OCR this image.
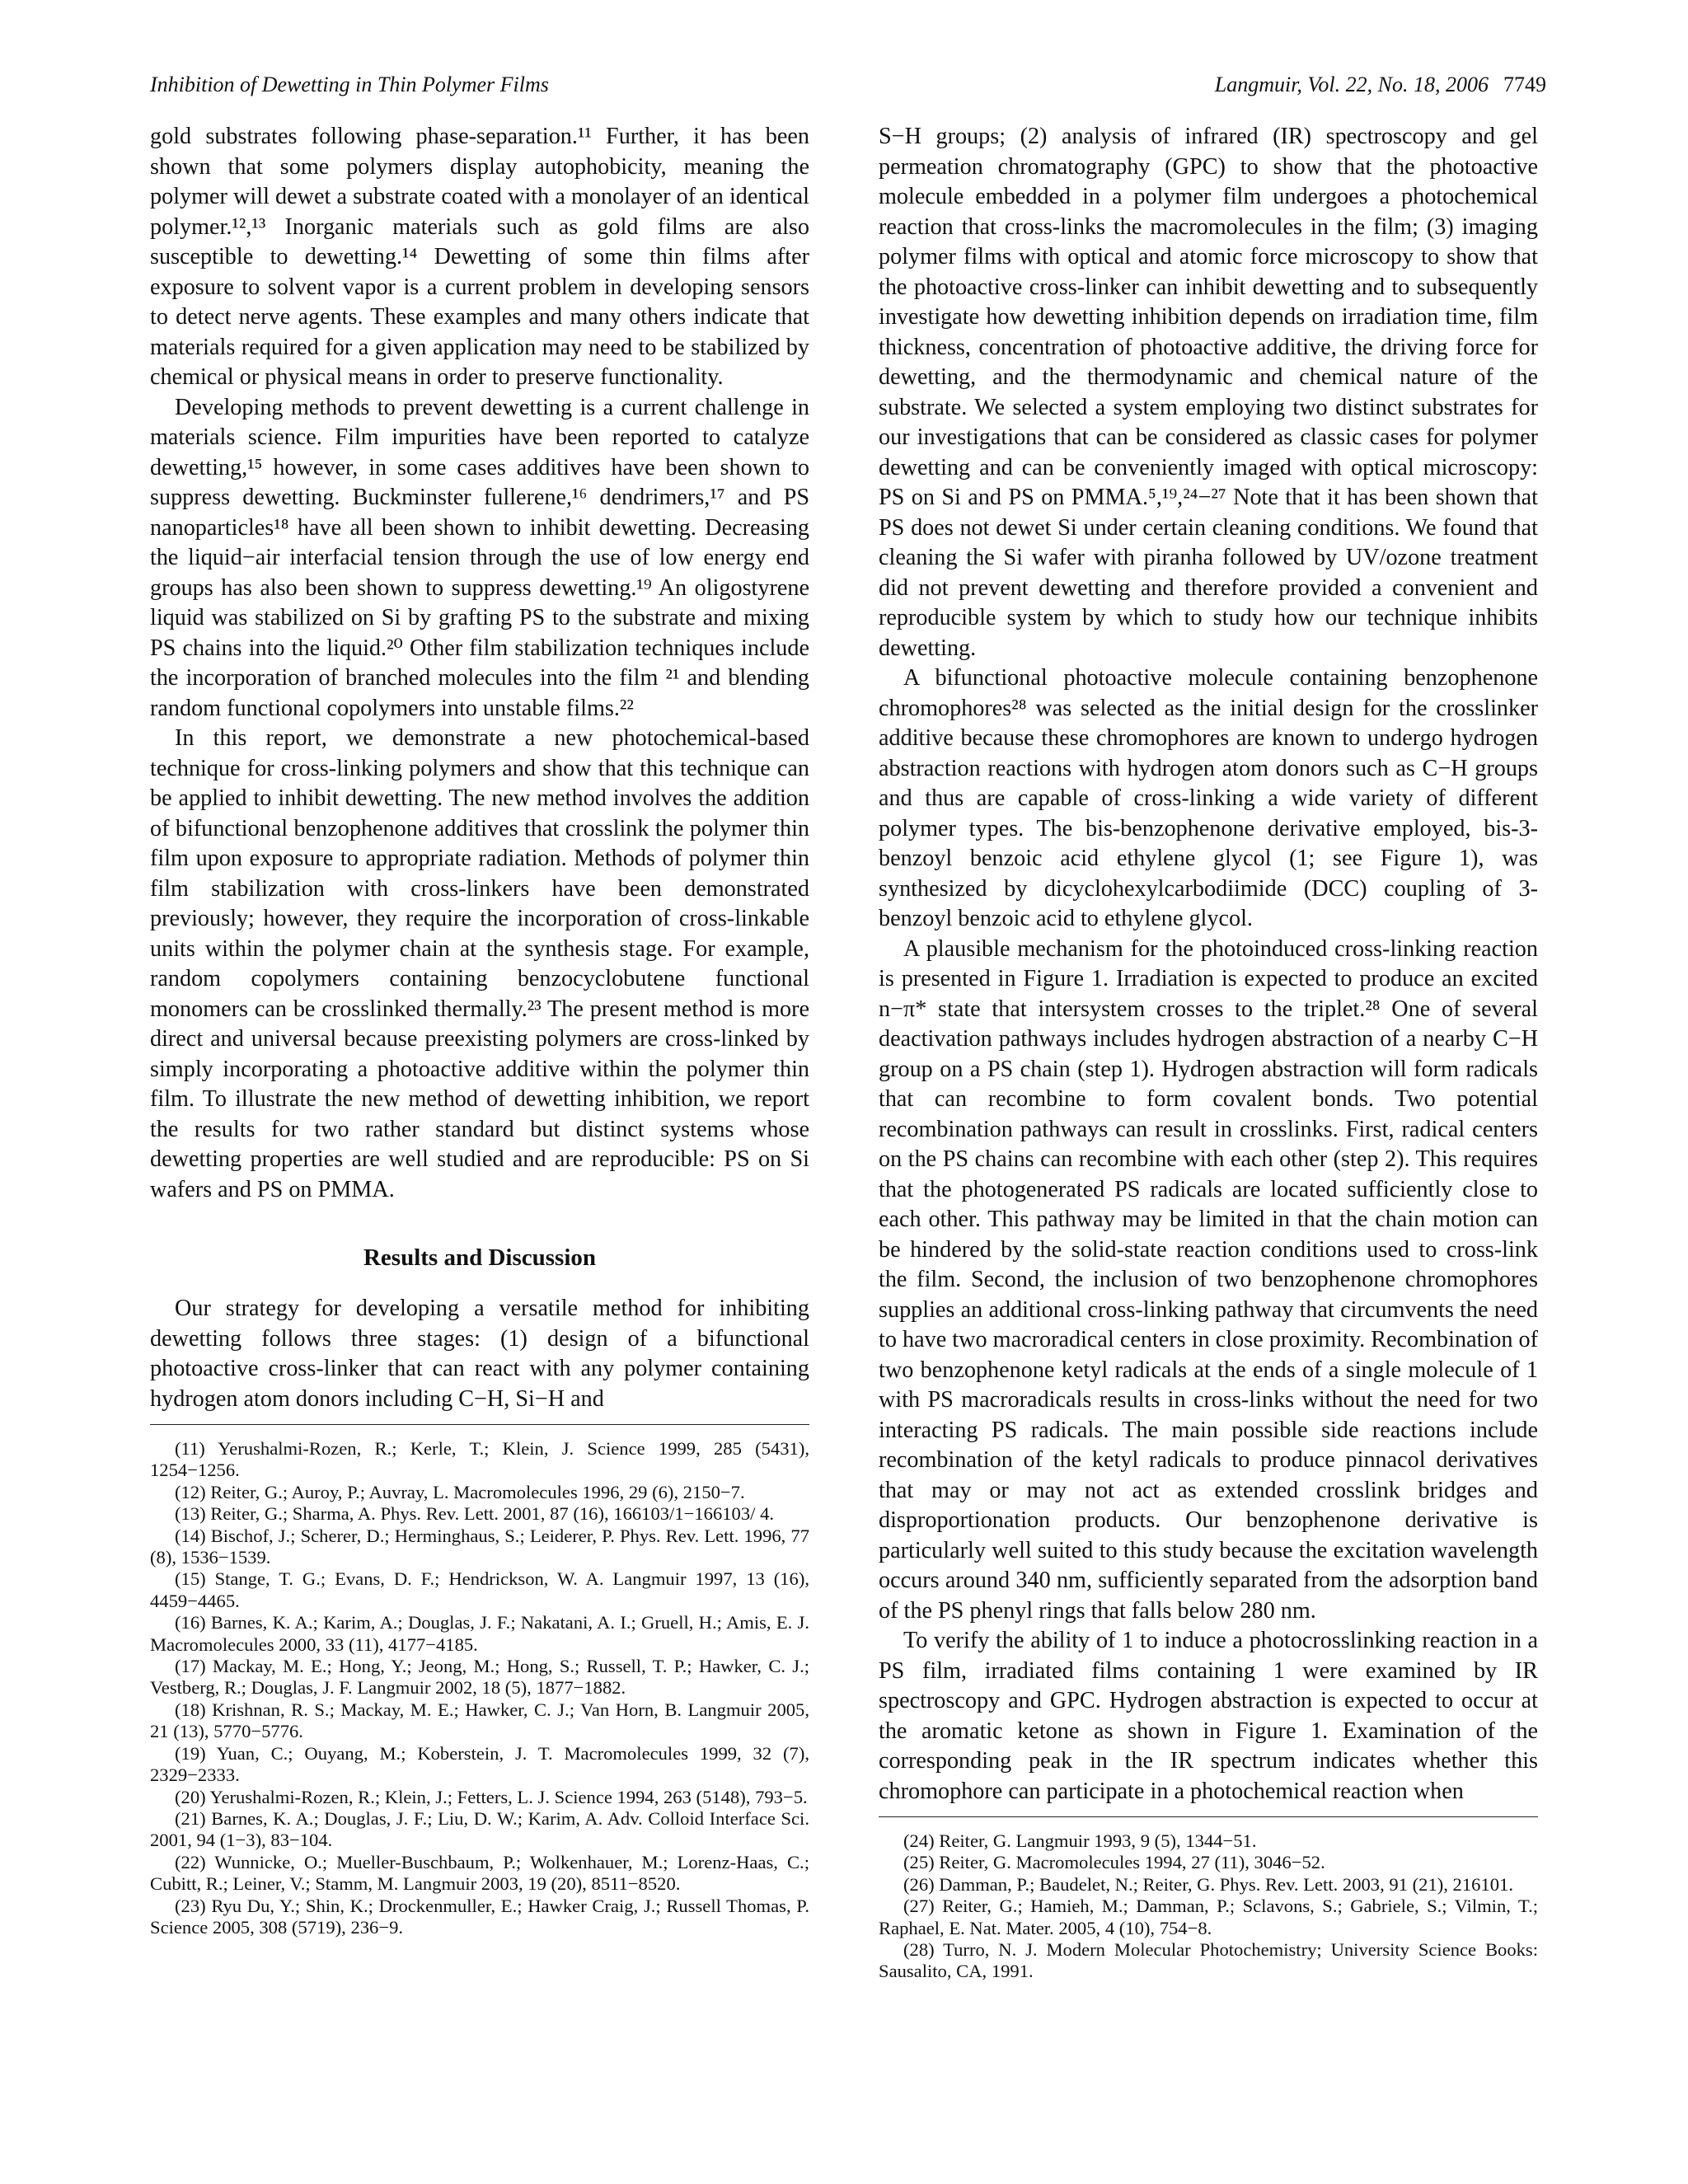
Inhibition of Dewetting in Thin Polymer Films	Langmuir, Vol. 22, No. 18, 2006 7749

gold substrates following phase-separation.¹¹ Further, it has been shown that some polymers display autophobicity, meaning the polymer will dewet a substrate coated with a monolayer of an identical polymer.¹²,¹³ Inorganic materials such as gold films are also susceptible to dewetting.¹⁴ Dewetting of some thin films after exposure to solvent vapor is a current problem in developing sensors to detect nerve agents. These examples and many others indicate that materials required for a given application may need to be stabilized by chemical or physical means in order to preserve functionality.

Developing methods to prevent dewetting is a current challenge in materials science. Film impurities have been reported to catalyze dewetting,¹⁵ however, in some cases additives have been shown to suppress dewetting. Buckminster fullerene,¹⁶ dendrimers,¹⁷ and PS nanoparticles¹⁸ have all been shown to inhibit dewetting. Decreasing the liquid−air interfacial tension through the use of low energy end groups has also been shown to suppress dewetting.¹⁹ An oligostyrene liquid was stabilized on Si by grafting PS to the substrate and mixing PS chains into the liquid.²⁰ Other film stabilization techniques include the incorporation of branched molecules into the film ²¹ and blending random functional copolymers into unstable films.²²

In this report, we demonstrate a new photochemical-based technique for cross-linking polymers and show that this technique can be applied to inhibit dewetting. The new method involves the addition of bifunctional benzophenone additives that crosslink the polymer thin film upon exposure to appropriate radiation. Methods of polymer thin film stabilization with cross-linkers have been demonstrated previously; however, they require the incorporation of cross-linkable units within the polymer chain at the synthesis stage. For example, random copolymers containing benzocyclobutene functional monomers can be crosslinked thermally.²³ The present method is more direct and universal because preexisting polymers are cross-linked by simply incorporating a photoactive additive within the polymer thin film. To illustrate the new method of dewetting inhibition, we report the results for two rather standard but distinct systems whose dewetting properties are well studied and are reproducible: PS on Si wafers and PS on PMMA.

Results and Discussion

Our strategy for developing a versatile method for inhibiting dewetting follows three stages: (1) design of a bifunctional photoactive cross-linker that can react with any polymer containing hydrogen atom donors including C−H, Si−H and

(11) Yerushalmi-Rozen, R.; Kerle, T.; Klein, J. Science 1999, 285 (5431), 1254−1256.

(12) Reiter, G.; Auroy, P.; Auvray, L. Macromolecules 1996, 29 (6), 2150−7.

(13) Reiter, G.; Sharma, A. Phys. Rev. Lett. 2001, 87 (16), 166103/1−166103/ 4.

(14) Bischof, J.; Scherer, D.; Herminghaus, S.; Leiderer, P. Phys. Rev. Lett. 1996, 77 (8), 1536−1539.

(15) Stange, T. G.; Evans, D. F.; Hendrickson, W. A. Langmuir 1997, 13 (16), 4459−4465.

(16) Barnes, K. A.; Karim, A.; Douglas, J. F.; Nakatani, A. I.; Gruell, H.; Amis, E. J. Macromolecules 2000, 33 (11), 4177−4185.

(17) Mackay, M. E.; Hong, Y.; Jeong, M.; Hong, S.; Russell, T. P.; Hawker, C. J.; Vestberg, R.; Douglas, J. F. Langmuir 2002, 18 (5), 1877−1882.

(18) Krishnan, R. S.; Mackay, M. E.; Hawker, C. J.; Van Horn, B. Langmuir 2005, 21 (13), 5770−5776.

(19) Yuan, C.; Ouyang, M.; Koberstein, J. T. Macromolecules 1999, 32 (7), 2329−2333.

(20) Yerushalmi-Rozen, R.; Klein, J.; Fetters, L. J. Science 1994, 263 (5148), 793−5.

(21) Barnes, K. A.; Douglas, J. F.; Liu, D. W.; Karim, A. Adv. Colloid Interface Sci. 2001, 94 (1−3), 83−104.

(22) Wunnicke, O.; Mueller-Buschbaum, P.; Wolkenhauer, M.; Lorenz-Haas, C.; Cubitt, R.; Leiner, V.; Stamm, M. Langmuir 2003, 19 (20), 8511−8520.

(23) Ryu Du, Y.; Shin, K.; Drockenmuller, E.; Hawker Craig, J.; Russell Thomas, P. Science 2005, 308 (5719), 236−9.

S−H groups; (2) analysis of infrared (IR) spectroscopy and gel permeation chromatography (GPC) to show that the photoactive molecule embedded in a polymer film undergoes a photochemical reaction that cross-links the macromolecules in the film; (3) imaging polymer films with optical and atomic force microscopy to show that the photoactive cross-linker can inhibit dewetting and to subsequently investigate how dewetting inhibition depends on irradiation time, film thickness, concentration of photoactive additive, the driving force for dewetting, and the thermodynamic and chemical nature of the substrate. We selected a system employing two distinct substrates for our investigations that can be considered as classic cases for polymer dewetting and can be conveniently imaged with optical microscopy: PS on Si and PS on PMMA.⁵,¹⁹,²⁴−²⁷ Note that it has been shown that PS does not dewet Si under certain cleaning conditions. We found that cleaning the Si wafer with piranha followed by UV/ozone treatment did not prevent dewetting and therefore provided a convenient and reproducible system by which to study how our technique inhibits dewetting.

A bifunctional photoactive molecule containing benzophenone chromophores²⁸ was selected as the initial design for the crosslinker additive because these chromophores are known to undergo hydrogen abstraction reactions with hydrogen atom donors such as C−H groups and thus are capable of cross-linking a wide variety of different polymer types. The bis-benzophenone derivative employed, bis-3-benzoyl benzoic acid ethylene glycol (1; see Figure 1), was synthesized by dicyclohexylcarbodiimide (DCC) coupling of 3-benzoyl benzoic acid to ethylene glycol.

A plausible mechanism for the photoinduced cross-linking reaction is presented in Figure 1. Irradiation is expected to produce an excited n−π* state that intersystem crosses to the triplet.²⁸ One of several deactivation pathways includes hydrogen abstraction of a nearby C−H group on a PS chain (step 1). Hydrogen abstraction will form radicals that can recombine to form covalent bonds. Two potential recombination pathways can result in crosslinks. First, radical centers on the PS chains can recombine with each other (step 2). This requires that the photogenerated PS radicals are located sufficiently close to each other. This pathway may be limited in that the chain motion can be hindered by the solid-state reaction conditions used to cross-link the film. Second, the inclusion of two benzophenone chromophores supplies an additional cross-linking pathway that circumvents the need to have two macroradical centers in close proximity. Recombination of two benzophenone ketyl radicals at the ends of a single molecule of 1 with PS macroradicals results in cross-links without the need for two interacting PS radicals. The main possible side reactions include recombination of the ketyl radicals to produce pinnacol derivatives that may or may not act as extended crosslink bridges and disproportionation products. Our benzophenone derivative is particularly well suited to this study because the excitation wavelength occurs around 340 nm, sufficiently separated from the adsorption band of the PS phenyl rings that falls below 280 nm.

To verify the ability of 1 to induce a photocrosslinking reaction in a PS film, irradiated films containing 1 were examined by IR spectroscopy and GPC. Hydrogen abstraction is expected to occur at the aromatic ketone as shown in Figure 1. Examination of the corresponding peak in the IR spectrum indicates whether this chromophore can participate in a photochemical reaction when

(24) Reiter, G. Langmuir 1993, 9 (5), 1344−51.

(25) Reiter, G. Macromolecules 1994, 27 (11), 3046−52.

(26) Damman, P.; Baudelet, N.; Reiter, G. Phys. Rev. Lett. 2003, 91 (21), 216101.

(27) Reiter, G.; Hamieh, M.; Damman, P.; Sclavons, S.; Gabriele, S.; Vilmin, T.; Raphael, E. Nat. Mater. 2005, 4 (10), 754−8.

(28) Turro, N. J. Modern Molecular Photochemistry; University Science Books: Sausalito, CA, 1991.
